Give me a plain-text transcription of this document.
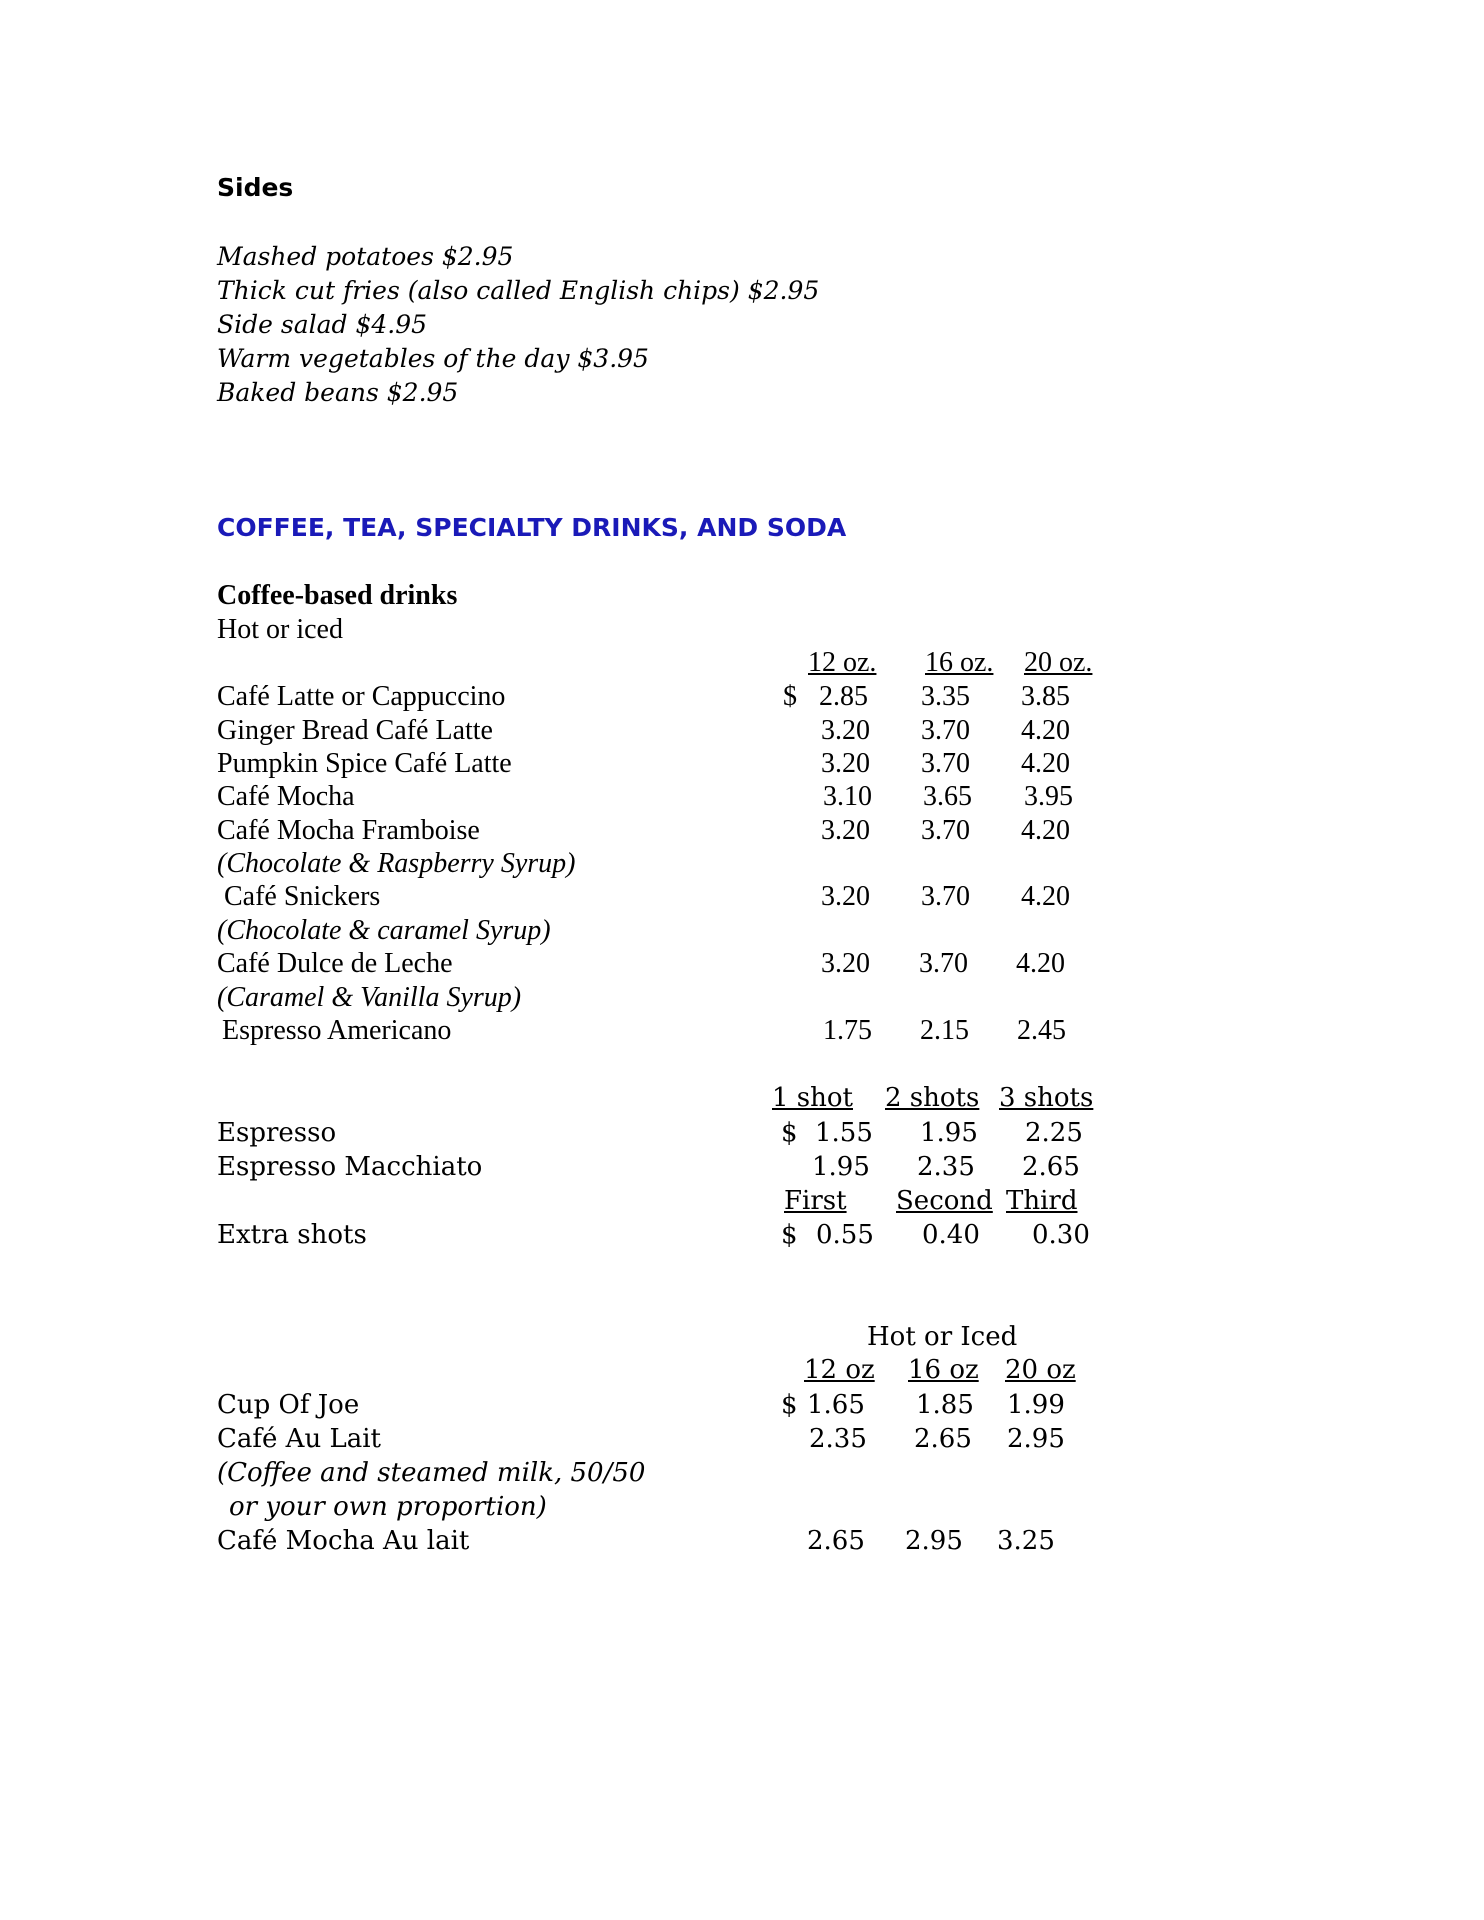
Sides
Mashed potatoes $2.95
Thick cut fries (also called English chips) $2.95
Side salad $4.95
Warm vegetables of the day $3.95
Baked beans $2.95
COFFEE, TEA, SPECIALTY DRINKS, AND SODA
Coffee-based drinks
Hot or iced
12 oz. 16 oz. 20 oz.
Café Latte or Cappuccino	$ 2.85 3.35 3.85
Ginger Bread Café Latte	3.20 3.70 4.20
Pumpkin Spice Café Latte	3.20 3.70 4.20
Café Mocha	3.10 3.65 3.95
Café Mocha Framboise	3.20 3.70 4.20
(Chocolate & Raspberry Syrup)
Café Snickers	3.20 3.70 4.20
(Chocolate & caramel Syrup)
Café Dulce de Leche	3.20 3.70 4.20
(Caramel & Vanilla Syrup)
Espresso Americano	1.75 2.15 2.45
1 shot 2 shots 3 shots
Espresso	$ 1.55 1.95 2.25
Espresso Macchiato	1.95 2.35 2.65
First Second Third
Extra shots	$ 0.55 0.40 0.30
Hot or Iced
12 oz 16 oz 20 oz
Cup Of Joe	$ 1.65 1.85 1.99
Café Au Lait	2.35 2.65 2.95
(Coffee and steamed milk, 50/50
or your own proportion)
Café Mocha Au lait	2.65 2.95 3.25
